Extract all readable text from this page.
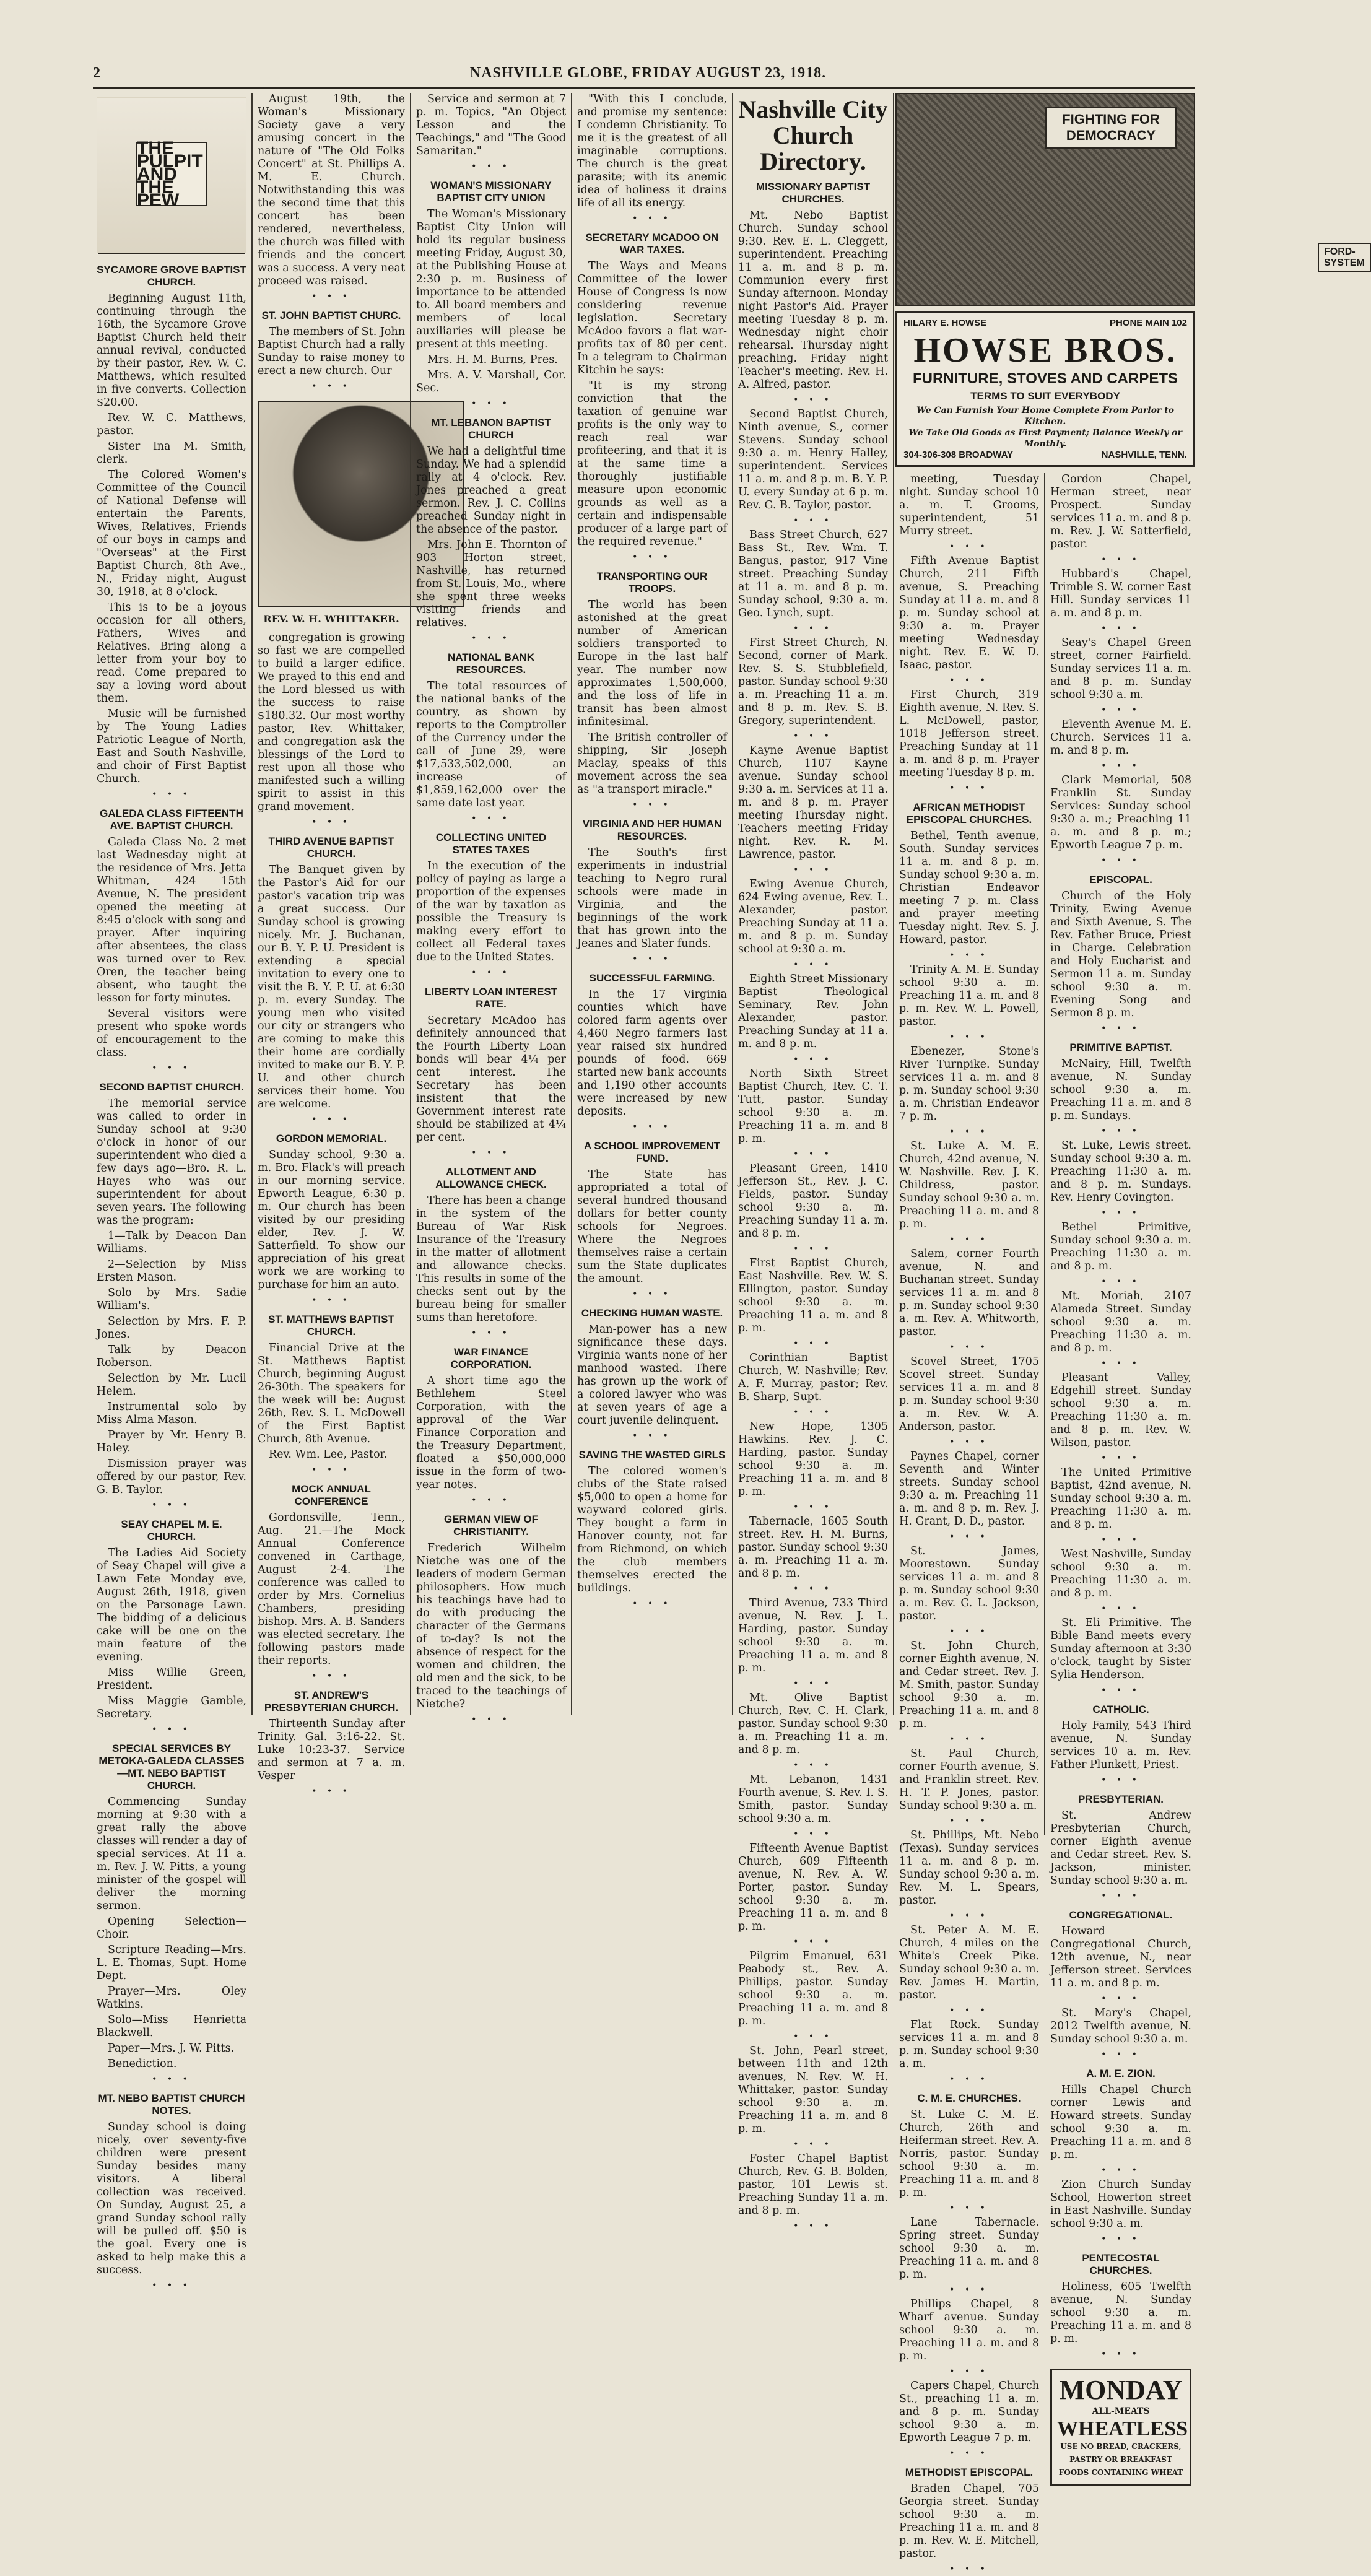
2	NASHVILLE GLOBE, FRIDAY AUGUST 23, 1918.
THE PULPIT AND THE PEW
SYCAMORE GROVE BAPTIST CHURCH.

Beginning August 11th, continuing through the 16th, the Sycamore Grove Baptist Church held their annual revival, conducted by their pastor, Rev. W. C. Matthews, which resulted in five converts. Collection $20.00.

Rev. W. C. Matthews, pastor.

Sister Ina M. Smith, clerk.

The Colored Women's Committee of the Council of National Defense will entertain the Parents, Wives, Relatives, Friends of our boys in camps and "Overseas" at the First Baptist Church, 8th Ave., N., Friday night, August 30, 1918, at 8 o'clock.

This is to be a joyous occasion for all others, Fathers, Wives and Relatives. Bring along a letter from your boy to read. Come prepared to say a loving word about them.

Music will be furnished by The Young Ladies Patriotic League of North, East and South Nashville, and choir of First Baptist Church.

• • •
GALEDA CLASS FIFTEENTH AVE. BAPTIST CHURCH.

Galeda Class No. 2 met last Wednesday night at the residence of Mrs. Jetta Whitman, 424 15th Avenue, N. The president opened the meeting at 8:45 o'clock with song and prayer. After inquiring after absentees, the class was turned over to Rev. Oren, the teacher being absent, who taught the lesson for forty minutes.

Several visitors were present who spoke words of encouragement to the class.

• • •
SECOND BAPTIST CHURCH.

The memorial service was called to order in Sunday school at 9:30 o'clock in honor of our superintendent who died a few days ago—Bro. R. L. Hayes who was our superintendent for about seven years. The following was the program:

1—Talk by Deacon Dan Williams.

2—Selection by Miss Ersten Mason.

Solo by Mrs. Sadie William's.

Selection by Mrs. F. P. Jones.

Talk by Deacon Roberson.

Selection by Mr. Lucil Helem.

Instrumental solo by Miss Alma Mason.

Prayer by Mr. Henry B. Haley.

Dismission prayer was offered by our pastor, Rev. G. B. Taylor.

• • •
SEAY CHAPEL M. E. CHURCH.

The Ladies Aid Society of Seay Chapel will give a Lawn Fete Monday eve, August 26th, 1918, given on the Parsonage Lawn. The bidding of a delicious cake will be one on the main feature of the evening.

Miss Willie Green, President.

Miss Maggie Gamble, Secretary.

• • •
SPECIAL SERVICES BY METOKA-GALEDA CLASSES—MT. NEBO BAPTIST CHURCH.

Commencing Sunday morning at 9:30 with a great rally the above classes will render a day of special services. At 11 a. m. Rev. J. W. Pitts, a young minister of the gospel will deliver the morning sermon.

Opening Selection—Choir.

Scripture Reading—Mrs. L. E. Thomas, Supt. Home Dept.

Prayer—Mrs. Oley Watkins.

Solo—Miss Henrietta Blackwell.

Paper—Mrs. J. W. Pitts.

Benediction.

• • •
MT. NEBO BAPTIST CHURCH NOTES.

Sunday school is doing nicely, over seventy-five children were present Sunday besides many visitors. A liberal collection was received. On Sunday, August 25, a grand Sunday school rally will be pulled off. $50 is the goal. Every one is asked to help make this a success.

• • •

August 19th, the Woman's Missionary Society gave a very amusing concert in the nature of "The Old Folks Concert" at St. Phillips A. M. E. Church. Notwithstanding this was the second time that this concert has been rendered, nevertheless, the church was filled with friends and the concert was a success. A very neat proceed was raised.

• • •
ST. JOHN BAPTIST CHURC.

The members of St. John Baptist Church had a rally Sunday to raise money to erect a new church. Our

• • •
REV. W. H. WHITTAKER.

congregation is growing so fast we are compelled to build a larger edifice. We prayed to this end and the Lord blessed us with the success to raise $180.32. Our most worthy pastor, Rev. Whittaker, and congregation ask the blessings of the Lord to rest upon all those who manifested such a willing spirit to assist in this grand movement.

• • •
THIRD AVENUE BAPTIST CHURCH.

The Banquet given by the Pastor's Aid for our pastor's vacation trip was a great success. Our Sunday school is growing nicely. Mr. J. Buchanan, our B. Y. P. U. President is extending a special invitation to every one to visit the B. Y. P. U. at 6:30 p. m. every Sunday. The young men who visited our city or strangers who are coming to make this their home are cordially invited to make our B. Y. P. U. and other church services their home. You are welcome.

• • •
GORDON MEMORIAL.

Sunday school, 9:30 a. m. Bro. Flack's will preach in our morning service. Epworth League, 6:30 p. m. Our church has been visited by our presiding elder, Rev. J. W. Satterfield. To show our appreciation of his great work we are working to purchase for him an auto.

• • •
ST. MATTHEWS BAPTIST CHURCH.

Financial Drive at the St. Matthews Baptist Church, beginning August 26-30th. The speakers for the week will be: August 26th, Rev. S. L. McDowell of the First Baptist Church, 8th Avenue.

Rev. Wm. Lee, Pastor.

• • •
MOCK ANNUAL CONFERENCE

Gordonsville, Tenn., Aug. 21.—The Mock Annual Conference convened in Carthage, August 2-4. The conference was called to order by Mrs. Cornelius Chambers, presiding bishop. Mrs. A. B. Sanders was elected secretary. The following pastors made their reports.

• • •
ST. ANDREW'S PRESBYTERIAN CHURCH.

Thirteenth Sunday after Trinity. Gal. 3:16-22. St. Luke 10:23-37. Service and sermon at 7 a. m. Vesper

• • •

Service and sermon at 7 p. m. Topics, "An Object Lesson and the Teachings," and "The Good Samaritan."

• • •
WOMAN'S MISSIONARY BAPTIST CITY UNION

The Woman's Missionary Baptist City Union will hold its regular business meeting Friday, August 30, at the Publishing House at 2:30 p. m. Business of importance to be attended to. All board members and members of local auxiliaries will please be present at this meeting.

Mrs. H. M. Burns, Pres.

Mrs. A. V. Marshall, Cor. Sec.

• • •
MT. LEBANON BAPTIST CHURCH

We had a delightful time Sunday. We had a splendid rally at 4 o'clock. Rev. Jones preached a great sermon. Rev. J. C. Collins preached Sunday night in the absence of the pastor.

Mrs. John E. Thornton of 903 Horton street, Nashville, has returned from St. Louis, Mo., where she spent three weeks visiting friends and relatives.

• • •
NATIONAL BANK RESOURCES.

The total resources of the national banks of the country, as shown by reports to the Comptroller of the Currency under the call of June 29, were $17,533,502,000, an increase of $1,859,162,000 over the same date last year.

• • •
COLLECTING UNITED STATES TAXES

In the execution of the policy of paying as large a proportion of the expenses of the war by taxation as possible the Treasury is making every effort to collect all Federal taxes due to the United States.

• • •
LIBERTY LOAN INTEREST RATE.

Secretary McAdoo has definitely announced that the Fourth Liberty Loan bonds will bear 4¼ per cent interest. The Secretary has been insistent that the Government interest rate should be stabilized at 4¼ per cent.

• • •
ALLOTMENT AND ALLOWANCE CHECK.

There has been a change in the system of the Bureau of War Risk Insurance of the Treasury in the matter of allotment and allowance checks. This results in some of the checks sent out by the bureau being for smaller sums than heretofore.

• • •
WAR FINANCE CORPORATION.

A short time ago the Bethlehem Steel Corporation, with the approval of the War Finance Corporation and the Treasury Department, floated a $50,000,000 issue in the form of two-year notes.

• • •
GERMAN VIEW OF CHRISTIANITY.

Frederich Wilhelm Nietche was one of the leaders of modern German philosophers. How much his teachings have had to do with producing the character of the Germans of to-day? Is not the absence of respect for the women and children, the old men and the sick, to be traced to the teachings of Nietche?

• • •

"With this I conclude, and promise my sentence: I condemn Christianity. To me it is the greatest of all imaginable corruptions. The church is the great parasite; with its anemic idea of holiness it drains life of all its energy.

• • •
SECRETARY MCADOO ON WAR TAXES.

The Ways and Means Committee of the lower House of Congress is now considering revenue legislation. Secretary McAdoo favors a flat war-profits tax of 80 per cent. In a telegram to Chairman Kitchin he says:

"It is my strong conviction that the taxation of genuine war profits is the only way to reach real war profiteering, and that it is at the same time a thoroughly justifiable measure upon economic grounds as well as a certain and indispensable producer of a large part of the required revenue."

• • •
TRANSPORTING OUR TROOPS.

The world has been astonished at the great number of American soldiers transported to Europe in the last half year. The number now approximates 1,500,000, and the loss of life in transit has been almost infinitesimal.

The British controller of shipping, Sir Joseph Maclay, speaks of this movement across the sea as "a transport miracle."

• • •
VIRGINIA AND HER HUMAN RESOURCES.

The South's first experiments in industrial teaching to Negro rural schools were made in Virginia, and the beginnings of the work that has grown into the Jeanes and Slater funds.

• • •
SUCCESSFUL FARMING.

In the 17 Virginia counties which have colored farm agents over 4,460 Negro farmers last year raised six hundred pounds of food. 669 started new bank accounts and 1,190 other accounts were increased by new deposits.

• • •
A SCHOOL IMPROVEMENT FUND.

The State has appropriated a total of several hundred thousand dollars for better county schools for Negroes. Where the Negroes themselves raise a certain sum the State duplicates the amount.

• • •
CHECKING HUMAN WASTE.

Man-power has a new significance these days. Virginia wants none of her manhood wasted. There has grown up the work of a colored lawyer who was at seven years of age a court juvenile delinquent.

• • •
SAVING THE WASTED GIRLS

The colored women's clubs of the State raised $5,000 to open a home for wayward colored girls. They bought a farm in Hanover county, not far from Richmond, on which the club members themselves erected the buildings.

• • •
Nashville City Church Directory.
MISSIONARY BAPTIST CHURCHES.

Mt. Nebo Baptist Church. Sunday school 9:30. Rev. E. L. Cleggett, superintendent. Preaching 11 a. m. and 8 p. m. Communion every first Sunday afternoon. Monday night Pastor's Aid. Prayer meeting Tuesday 8 p. m. Wednesday night choir rehearsal. Thursday night preaching. Friday night Teacher's meeting. Rev. H. A. Alfred, pastor.

• • •

Second Baptist Church, Ninth avenue, S., corner Stevens. Sunday school 9:30 a. m. Henry Halley, superintendent. Services 11 a. m. and 8 p. m. B. Y. P. U. every Sunday at 6 p. m. Rev. G. B. Taylor, pastor.

• • •

Bass Street Church, 627 Bass St., Rev. Wm. T. Bangus, pastor, 917 Vine street. Preaching Sunday at 11 a. m. and 8 p. m. Sunday school, 9:30 a. m. Geo. Lynch, supt.

• • •

First Street Church, N. Second, corner of Mark. Rev. S. S. Stubblefield, pastor. Sunday school 9:30 a. m. Preaching 11 a. m. and 8 p. m. Rev. S. B. Gregory, superintendent.

• • •

Kayne Avenue Baptist Church, 1107 Kayne avenue. Sunday school 9:30 a. m. Services at 11 a. m. and 8 p. m. Prayer meeting Thursday night. Teachers meeting Friday night. Rev. R. M. Lawrence, pastor.

• • •

Ewing Avenue Church, 624 Ewing avenue, Rev. L. Alexander, pastor. Preaching Sunday at 11 a. m. and 8 p. m. Sunday school at 9:30 a. m.

• • •

Eighth Street Missionary Baptist Theological Seminary, Rev. John Alexander, pastor. Preaching Sunday at 11 a. m. and 8 p. m.

• • •

North Sixth Street Baptist Church, Rev. C. T. Tutt, pastor. Sunday school 9:30 a. m. Preaching 11 a. m. and 8 p. m.

• • •

Pleasant Green, 1410 Jefferson St., Rev. J. C. Fields, pastor. Sunday school 9:30 a. m. Preaching Sunday 11 a. m. and 8 p. m.

• • •

First Baptist Church, East Nashville. Rev. W. S. Ellington, pastor. Sunday school 9:30 a. m. Preaching 11 a. m. and 8 p. m.

• • •

Corinthian Baptist Church, W. Nashville; Rev. A. F. Murray, pastor; Rev. B. Sharp, Supt.

• • •

New Hope, 1305 Hawkins. Rev. J. C. Harding, pastor. Sunday school 9:30 a. m. Preaching 11 a. m. and 8 p. m.

• • •

Tabernacle, 1605 South street. Rev. H. M. Burns, pastor. Sunday school 9:30 a. m. Preaching 11 a. m. and 8 p. m.

• • •

Third Avenue, 733 Third avenue, N. Rev. J. L. Harding, pastor. Sunday school 9:30 a. m. Preaching 11 a. m. and 8 p. m.

• • •

Mt. Olive Baptist Church, Rev. C. H. Clark, pastor. Sunday school 9:30 a. m. Preaching 11 a. m. and 8 p. m.

• • •

Mt. Lebanon, 1431 Fourth avenue, S. Rev. I. S. Smith, pastor. Sunday school 9:30 a. m.

• • •

Fifteenth Avenue Baptist Church, 609 Fifteenth avenue, N. Rev. A. W. Porter, pastor. Sunday school 9:30 a. m. Preaching 11 a. m. and 8 p. m.

• • •

Pilgrim Emanuel, 631 Peabody st., Rev. A. Phillips, pastor. Sunday school 9:30 a. m. Preaching 11 a. m. and 8 p. m.

• • •

St. John, Pearl street, between 11th and 12th avenues, N. Rev. W. H. Whittaker, pastor. Sunday school 9:30 a. m. Preaching 11 a. m. and 8 p. m.

• • •

Foster Chapel Baptist Church, Rev. G. B. Bolden, pastor, 101 Lewis st. Preaching Sunday 11 a. m. and 8 p. m.

• • •
FIGHTING FOR DEMOCRACY
FORD-SYSTEM
HILARY E. HOWSE	PHONE MAIN 102
HOWSE BROS.
FURNITURE, STOVES AND CARPETS
TERMS TO SUIT EVERYBODY
We Can Furnish Your Home Complete From Parlor to Kitchen.
We Take Old Goods as First Payment; Balance Weekly or Monthly.
304-306-308 BROADWAY	NASHVILLE, TENN.

meeting, Tuesday night. Sunday school 10 a. m. T. Grooms, superintendent, 51 Murry street.

• • •

Fifth Avenue Baptist Church, 211 Fifth avenue, S. Preaching Sunday at 11 a. m. and 8 p. m. Sunday school at 9:30 a. m. Prayer meeting Wednesday night. Rev. E. W. D. Isaac, pastor.

• • •

First Church, 319 Eighth avenue, N. Rev. S. L. McDowell, pastor, 1018 Jefferson street. Preaching Sunday at 11 a. m. and 8 p. m. Prayer meeting Tuesday 8 p. m.

• • •
AFRICAN METHODIST EPISCOPAL CHURCHES.

Bethel, Tenth avenue, South. Sunday services 11 a. m. and 8 p. m. Sunday school 9:30 a. m. Christian Endeavor meeting 7 p. m. Class and prayer meeting Tuesday night. Rev. S. J. Howard, pastor.

• • •

Trinity A. M. E. Sunday school 9:30 a. m. Preaching 11 a. m. and 8 p. m. Rev. W. L. Powell, pastor.

• • •

Ebenezer, Stone's River Turnpike. Sunday services 11 a. m. and 8 p. m. Sunday school 9:30 a. m. Christian Endeavor 7 p. m.

• • •

St. Luke A. M. E. Church, 42nd avenue, N. W. Nashville. Rev. J. K. Childress, pastor. Sunday school 9:30 a. m. Preaching 11 a. m. and 8 p. m.

• • •

Salem, corner Fourth avenue, N. and Buchanan street. Sunday services 11 a. m. and 8 p. m. Sunday school 9:30 a. m. Rev. A. Whitworth, pastor.

• • •

Scovel Street, 1705 Scovel street. Sunday services 11 a. m. and 8 p. m. Sunday school 9:30 a. m. Rev. W. A. Anderson, pastor.

• • •

Paynes Chapel, corner Seventh and Winter streets. Sunday school 9:30 a. m. Preaching 11 a. m. and 8 p. m. Rev. J. H. Grant, D. D., pastor.

• • •

St. James, Moorestown. Sunday services 11 a. m. and 8 p. m. Sunday school 9:30 a. m. Rev. G. L. Jackson, pastor.

• • •

St. John Church, corner Eighth avenue, N. and Cedar street. Rev. J. M. Smith, pastor. Sunday school 9:30 a. m. Preaching 11 a. m. and 8 p. m.

• • •

St. Paul Church, corner Fourth avenue, S. and Franklin street. Rev. H. T. P. Jones, pastor. Sunday school 9:30 a. m.

• • •

St. Phillips, Mt. Nebo (Texas). Sunday services 11 a. m. and 8 p. m. Sunday school 9:30 a. m. Rev. M. L. Spears, pastor.

• • •

St. Peter A. M. E. Church, 4 miles on the White's Creek Pike. Sunday school 9:30 a. m. Rev. James H. Martin, pastor.

• • •

Flat Rock. Sunday services 11 a. m. and 8 p. m. Sunday school 9:30 a. m.

• • •
C. M. E. CHURCHES.

St. Luke C. M. E. Church, 26th and Heiferman street. Rev. A. Norris, pastor. Sunday school 9:30 a. m. Preaching 11 a. m. and 8 p. m.

• • •

Lane Tabernacle. Spring street. Sunday school 9:30 a. m. Preaching 11 a. m. and 8 p. m.

• • •

Phillips Chapel, 8 Wharf avenue. Sunday school 9:30 a. m. Preaching 11 a. m. and 8 p. m.

• • •

Capers Chapel, Church St., preaching 11 a. m. and 8 p. m. Sunday school 9:30 a. m. Epworth League 7 p. m.

• • •
METHODIST EPISCOPAL.

Braden Chapel, 705 Georgia street. Sunday school 9:30 a. m. Preaching 11 a. m. and 8 p. m. Rev. W. E. Mitchell, pastor.

• • •

Gordon Chapel, Herman street, near Prospect. Sunday services 11 a. m. and 8 p. m. Rev. J. W. Satterfield, pastor.

• • •

Hubbard's Chapel, Trimble S. W. corner East Hill. Sunday services 11 a. m. and 8 p. m.

• • •

Seay's Chapel Green street, corner Fairfield. Sunday services 11 a. m. and 8 p. m. Sunday school 9:30 a. m.

• • •

Eleventh Avenue M. E. Church. Services 11 a. m. and 8 p. m.

• • •

Clark Memorial, 508 Franklin St. Sunday Services: Sunday school 9:30 a. m.; Preaching 11 a. m. and 8 p. m.; Epworth League 7 p. m.

• • •
EPISCOPAL.

Church of the Holy Trinity, Ewing Avenue and Sixth Avenue, S. The Rev. Father Bruce, Priest in Charge. Celebration and Holy Eucharist and Sermon 11 a. m. Sunday school 9:30 a. m. Evening Song and Sermon 8 p. m.

• • •
PRIMITIVE BAPTIST.

McNairy, Hill, Twelfth avenue, N. Sunday school 9:30 a. m. Preaching 11 a. m. and 8 p. m. Sundays.

• • •

St. Luke, Lewis street. Sunday school 9:30 a. m. Preaching 11:30 a. m. and 8 p. m. Sundays. Rev. Henry Covington.

• • •

Bethel Primitive, Sunday school 9:30 a. m. Preaching 11:30 a. m. and 8 p. m.

• • •

Mt. Moriah, 2107 Alameda Street. Sunday school 9:30 a. m. Preaching 11:30 a. m. and 8 p. m.

• • •

Pleasant Valley, Edgehill street. Sunday school 9:30 a. m. Preaching 11:30 a. m. and 8 p. m. Rev. W. Wilson, pastor.

• • •

The United Primitive Baptist, 42nd avenue, N. Sunday school 9:30 a. m. Preaching 11:30 a. m. and 8 p. m.

• • •

West Nashville, Sunday school 9:30 a. m. Preaching 11:30 a. m. and 8 p. m.

• • •

St. Eli Primitive. The Bible Band meets every Sunday afternoon at 3:30 o'clock, taught by Sister Sylia Henderson.

• • •
CATHOLIC.

Holy Family, 543 Third avenue, N. Sunday services 10 a. m. Rev. Father Plunkett, Priest.

• • •
PRESBYTERIAN.

St. Andrew Presbyterian Church, corner Eighth avenue and Cedar street. Rev. S. Jackson, minister. Sunday school 9:30 a. m.

• • •
CONGREGATIONAL.

Howard Congregational Church, 12th avenue, N., near Jefferson street. Services 11 a. m. and 8 p. m.

• • •

St. Mary's Chapel, 2012 Twelfth avenue, N. Sunday school 9:30 a. m.

• • •
A. M. E. ZION.

Hills Chapel Church corner Lewis and Howard streets. Sunday school 9:30 a. m. Preaching 11 a. m. and 8 p. m.

• • •

Zion Church Sunday School, Howerton street in East Nashville. Sunday school 9:30 a. m.

• • •
PENTECOSTAL CHURCHES.

Holiness, 605 Twelfth avenue, N. Sunday school 9:30 a. m. Preaching 11 a. m. and 8 p. m.

• • •
MONDAY
ALL-MEATS
WHEATLESS
USE NO BREAD, CRACKERS, PASTRY OR BREAKFAST FOODS CONTAINING WHEAT
